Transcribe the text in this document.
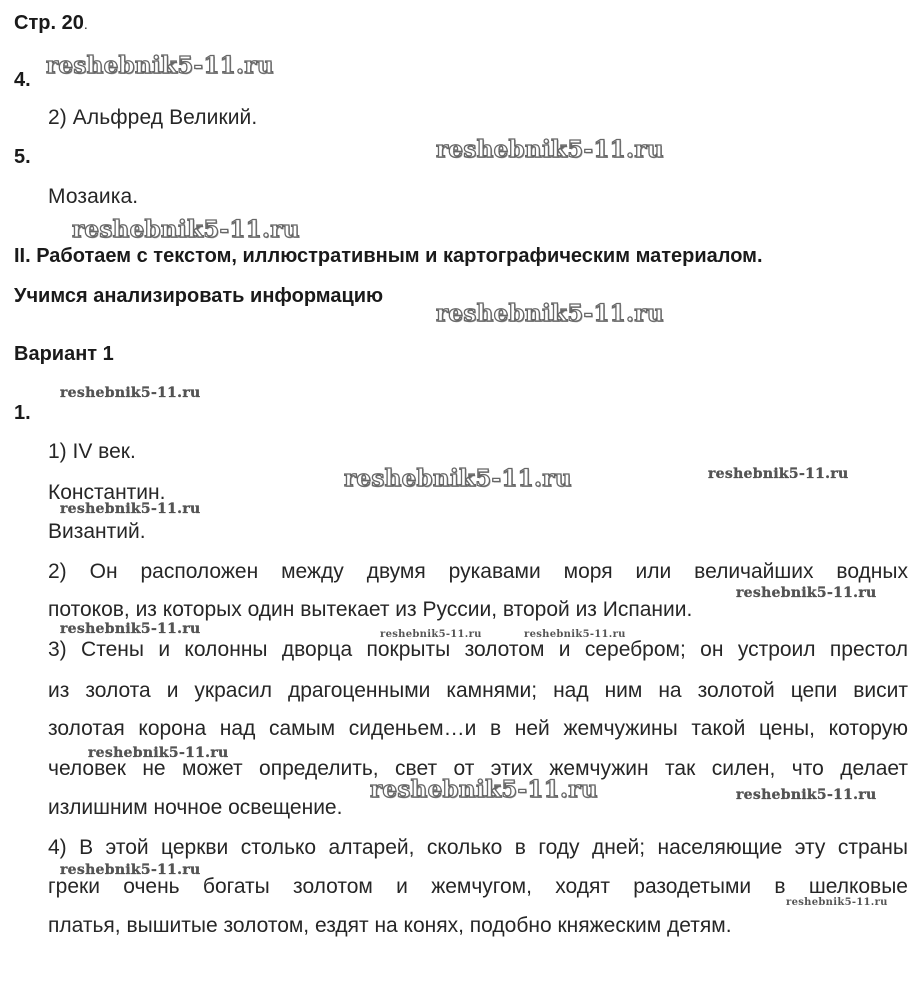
Стр. 20.
4.
2) Альфред Великий.
5.
Мозаика.
II. Работаем с текстом, иллюстративным и картографическим материалом.
Учимся анализировать информацию
Вариант 1
1.
1) IV век.
Константин.
Византий.
2) Он расположен между двумя рукавами моря или величайших водных
потоков, из которых один вытекает из Руссии, второй из Испании.
3) Стены и колонны дворца покрыты золотом и серебром; он устроил престол
из золота и украсил драгоценными камнями; над ним на золотой цепи висит
золотая корона над самым сиденьем…и в ней жемчужины такой цены, которую
человек не может определить, свет от этих жемчужин так силен, что делает
излишним ночное освещение.
4) В этой церкви столько алтарей, сколько в году дней; населяющие эту страны
греки очень богаты золотом и жемчугом, ходят разодетыми в шелковые
платья, вышитые золотом, ездят на конях, подобно княжеским детям.
reshebnik5-11.ru
reshebnik5-11.ru
reshebnik5-11.ru
reshebnik5-11.ru
reshebnik5-11.ru
reshebnik5-11.ru	reshebnik5-11.ru
reshebnik5-11.ru
reshebnik5-11.ru
reshebnik5-11.ru	reshebnik5-11.ru	reshebnik5-11.ru
reshebnik5-11.ru
reshebnik5-11.ru	reshebnik5-11.ru
reshebnik5-11.ru
reshebnik5-11.ru
